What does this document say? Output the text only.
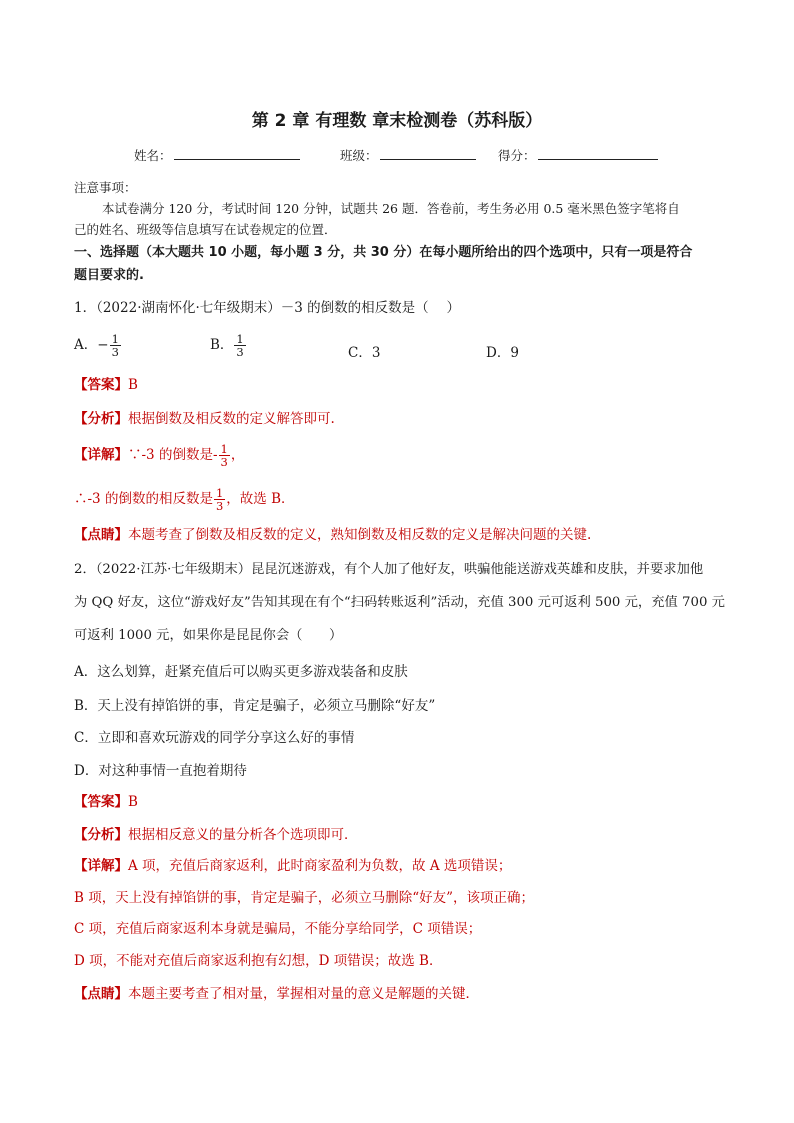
第 2 章 有理数 章末检测卷（苏科版）
姓名：	班级：	得分：
注意事项：
本试卷满分 120 分，考试时间 120 分钟，试题共 26 题．答卷前，考生务必用 0.5 毫米黑色签字笔将自
己的姓名、班级等信息填写在试卷规定的位置．
一、选择题（本大题共 10 小题，每小题 3 分，共 30 分）在每小题所给出的四个选项中，只有一项是符合
题目要求的.
1．（2022·湖南怀化·七年级期末）－3 的倒数的相反数是（　 ）
A．− $\frac{1}{3}$	B． $\frac{1}{3}$	C．3	D．9
【答案】B
【分析】根据倒数及相反数的定义解答即可.
【详解】∵-3 的倒数是- $\frac{1}{3}$ ，
∴-3 的倒数的相反数是 $\frac{1}{3}$ ，故选 B．
【点睛】本题考查了倒数及相反数的定义，熟知倒数及相反数的定义是解决问题的关键.
2．（2022·江苏·七年级期末）昆昆沉迷游戏，有个人加了他好友，哄骗他能送游戏英雄和皮肤，并要求加他
为 QQ 好友，这位“游戏好友”告知其现在有个“扫码转账返利”活动，充值 300 元可返利 500 元，充值 700 元
可返利 1000 元，如果你是昆昆你会（　　）
A．这么划算，赶紧充值后可以购买更多游戏装备和皮肤
B．天上没有掉馅饼的事，肯定是骗子，必须立马删除“好友”
C．立即和喜欢玩游戏的同学分享这么好的事情
D．对这种事情一直抱着期待
【答案】B
【分析】根据相反意义的量分析各个选项即可．
【详解】A 项，充值后商家返利，此时商家盈利为负数，故 A 选项错误；
B 项，天上没有掉馅饼的事，肯定是骗子，必须立马删除“好友”，该项正确；
C 项，充值后商家返利本身就是骗局，不能分享给同学，C 项错误；
D 项，不能对充值后商家返利抱有幻想，D 项错误；故选 B．
【点睛】本题主要考查了相对量，掌握相对量的意义是解题的关键．
